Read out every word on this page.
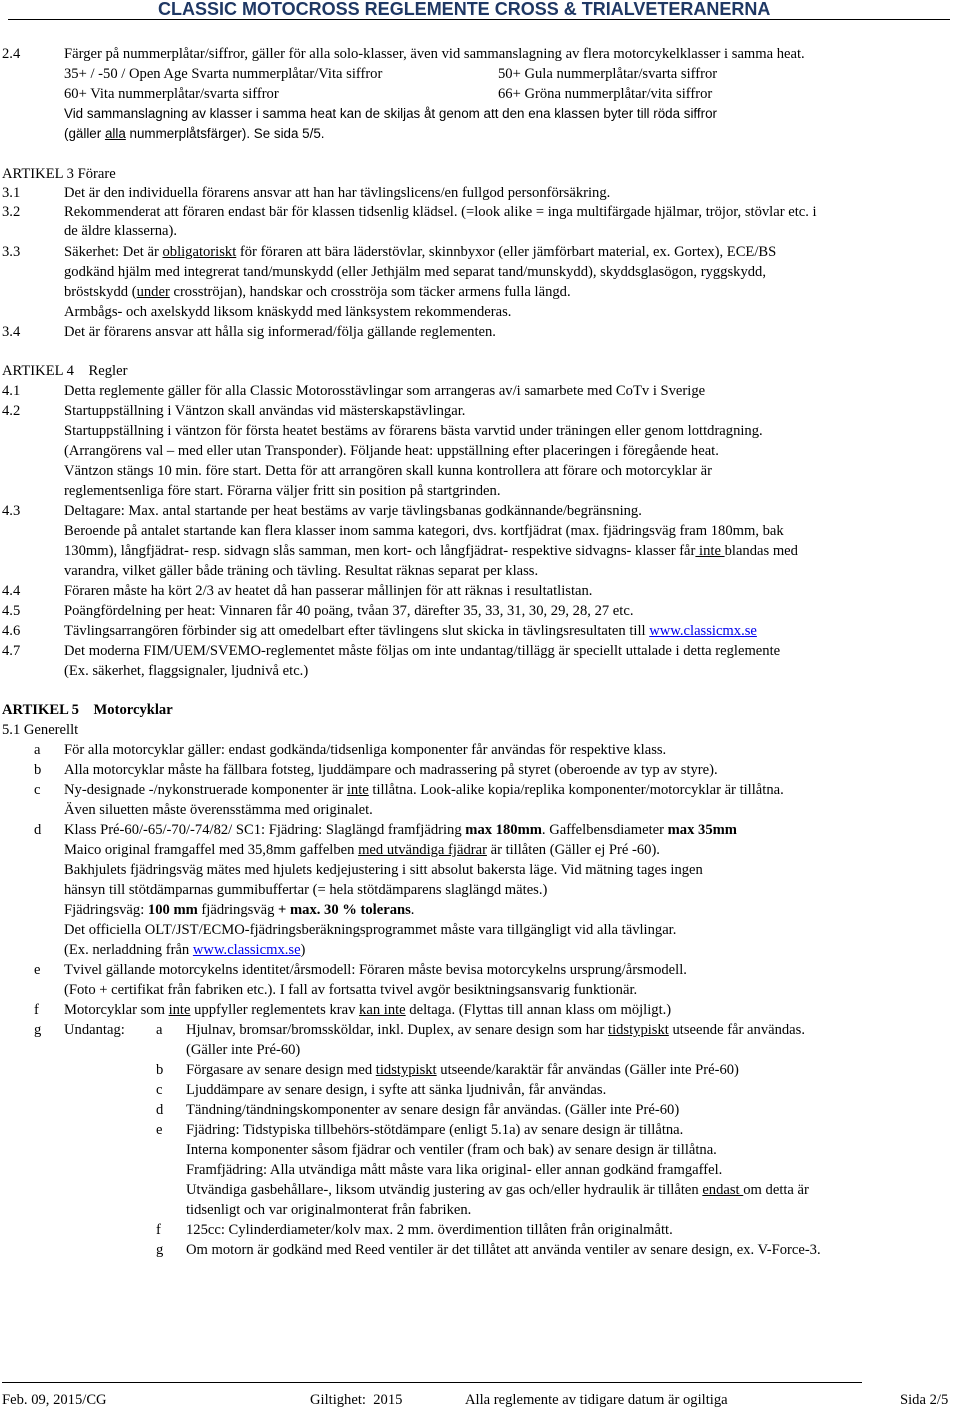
CLASSIC MOTOCROSS REGLEMENTE CROSS & TRIALVETERANERNA
2.4	Färger på nummerplåtar/siffror, gäller för alla solo-klasser, även vid sammanslagning av flera motorcykelklasser i samma heat.
35+ / -50 / Open Age Svarta nummerplåtar/Vita siffror	50+ Gula nummerplåtar/svarta siffror
60+ Vita nummerplåtar/svarta siffror	66+ Gröna nummerplåtar/vita siffror
Vid sammanslagning av klasser i samma heat kan de skiljas åt genom att den ena klassen byter till röda siffror
(gäller alla nummerplåtsfärger). Se sida 5/5.
ARTIKEL 3 Förare
3.1	Det är den individuella förarens ansvar att han har tävlingslicens/en fullgod personförsäkring.
3.2	Rekommenderat att föraren endast bär för klassen tidsenlig klädsel. (=look alike = inga multifärgade hjälmar, tröjor, stövlar etc. i
de äldre klasserna).
3.3	Säkerhet: Det är obligatoriskt för föraren att bära läderstövlar, skinnbyxor (eller jämförbart material, ex. Gortex), ECE/BS
godkänd hjälm med integrerat tand/munskydd (eller Jethjälm med separat tand/munskydd), skyddsglasögon, ryggskydd,
bröstskydd (under crosströjan), handskar och crosströja som täcker armens fulla längd.
Armbågs- och axelskydd liksom knäskydd med länksystem rekommenderas.
3.4	Det är förarens ansvar att hålla sig informerad/följa gällande reglementen.
ARTIKEL 4    Regler
4.1	Detta reglemente gäller för alla Classic Motorosstävlingar som arrangeras av/i samarbete med CoTv i Sverige
4.2	Startuppställning i Väntzon skall användas vid mästerskapstävlingar.
Startuppställning i väntzon för första heatet bestäms av förarens bästa varvtid under träningen eller genom lottdragning.
(Arrangörens val – med eller utan Transponder). Följande heat: uppställning efter placeringen i föregående heat.
Väntzon stängs 10 min. före start. Detta för att arrangören skall kunna kontrollera att förare och motorcyklar är
reglementsenliga före start. Förarna väljer fritt sin position på startgrinden.
4.3	Deltagare: Max. antal startande per heat bestäms av varje tävlingsbanas godkännande/begränsning.
Beroende på antalet startande kan flera klasser inom samma kategori, dvs. kortfjädrat (max. fjädringsväg fram 180mm, bak
130mm), långfjädrat- resp. sidvagn slås samman, men kort- och långfjädrat- respektive sidvagns- klasser får inte blandas med
varandra, vilket gäller både träning och tävling. Resultat räknas separat per klass.
4.4	Föraren måste ha kört 2/3 av heatet då han passerar mållinjen för att räknas i resultatlistan.
4.5	Poängfördelning per heat: Vinnaren får 40 poäng, tvåan 37, därefter 35, 33, 31, 30, 29, 28, 27 etc.
4.6	Tävlingsarrangören förbinder sig att omedelbart efter tävlingens slut skicka in tävlingsresultaten till www.classicmx.se
4.7	Det moderna FIM/UEM/SVEMO-reglementet måste följas om inte undantag/tillägg är speciellt uttalade i detta reglemente
(Ex. säkerhet, flaggsignaler, ljudnivå etc.)
ARTIKEL 5    Motorcyklar
5.1 Generellt
a För alla motorcyklar gäller: endast godkända/tidsenliga komponenter får användas för respektive klass.
b Alla motorcyklar måste ha fällbara fotsteg, ljuddämpare och madrassering på styret (oberoende av typ av styre).
c Ny-designade -/nykonstruerade komponenter är inte tillåtna. Look-alike kopia/replika komponenter/motorcyklar är tillåtna.
Även siluetten måste överensstämma med originalet.
d Klass Pré-60/-65/-70/-74/82/ SC1: Fjädring: Slaglängd framfjädring max 180mm. Gaffelbensdiameter max 35mm
Maico original framgaffel med 35,8mm gaffelben med utvändiga fjädrar är tillåten (Gäller ej Pré -60).
Bakhjulets fjädringsväg mätes med hjulets kedjejustering i sitt absolut bakersta läge. Vid mätning tages ingen
hänsyn till stötdämparnas gummibuffertar (= hela stötdämparens slaglängd mätes.)
Fjädringsväg: 100 mm fjädringsväg + max. 30 % tolerans.
Det officiella OLT/JST/ECMO-fjädringsberäkningsprogrammet måste vara tillgängligt vid alla tävlingar.
(Ex. nerladdning från www.classicmx.se)
e Tvivel gällande motorcykelns identitet/årsmodell: Föraren måste bevisa motorcykelns ursprung/årsmodell.
(Foto + certifikat från fabriken etc.). I fall av fortsatta tvivel avgör besiktningsansvarig funktionär.
f Motorcyklar som inte uppfyller reglementets krav kan inte deltaga. (Flyttas till annan klass om möjligt.)
g Undantag: a Hjulnav, bromsar/bromssköldar, inkl. Duplex, av senare design som har tidstypiskt utseende får användas.
(Gäller inte Pré-60)
b Förgasare av senare design med tidstypiskt utseende/karaktär får användas (Gäller inte Pré-60)
c Ljuddämpare av senare design, i syfte att sänka ljudnivån, får användas.
d Tändning/tändningskomponenter av senare design får användas. (Gäller inte Pré-60)
e Fjädring: Tidstypiska tillbehörs-stötdämpare (enligt 5.1a) av senare design är tillåtna.
Interna komponenter såsom fjädrar och ventiler (fram och bak) av senare design är tillåtna.
Framfjädring: Alla utvändiga mått måste vara lika original- eller annan godkänd framgaffel.
Utvändiga gasbehållare-, liksom utvändig justering av gas och/eller hydraulik är tillåten endast om detta är
tidsenligt och var originalmonterat från fabriken.
f 125cc: Cylinderdiameter/kolv max. 2 mm. överdimention tillåten från originalmått.
g Om motorn är godkänd med Reed ventiler är det tillåtet att använda ventiler av senare design, ex. V-Force-3.
Feb. 09, 2015/CG	Giltighet:  2015	Alla reglemente av tidigare datum är ogiltiga	Sida 2/5
